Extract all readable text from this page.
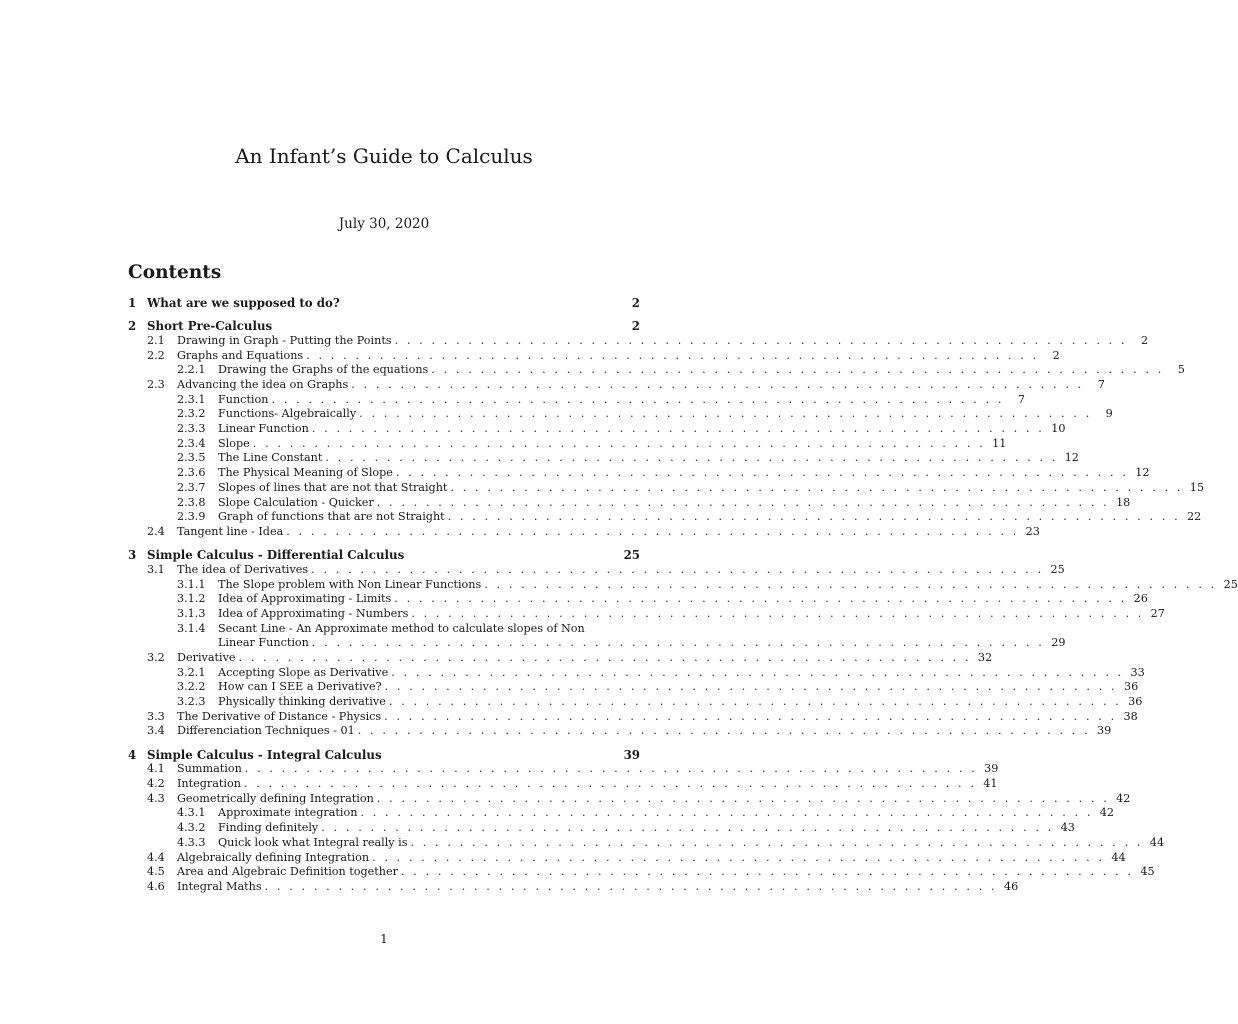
An Infant’s Guide to Calculus
July 30, 2020
Contents
1 What are we supposed to do?	2
2 Short Pre-Calculus	2
2.1	Drawing in Graph - Putting the Points . . . . . . . . . . . . . . . . . . . . . . . . . . . . . . . . . . . . . . . . . . . . . . . . . . . . . . . . . . . .	2
2.2	Graphs and Equations . . . . . . . . . . . . . . . . . . . . . . . . . . . . . . . . . . . . . . . . . . . . . . . . . . . . . . . . . . . .	2
2.2.1	Drawing the Graphs of the equations . . . . . . . . . . . . . . . . . . . . . . . . . . . . . . . . . . . . . . . . . . . . . . . . . . . . . . . . . . . .	5
2.3	Advancing the idea on Graphs . . . . . . . . . . . . . . . . . . . . . . . . . . . . . . . . . . . . . . . . . . . . . . . . . . . . . . . . . . . .	7
2.3.1	Function . . . . . . . . . . . . . . . . . . . . . . . . . . . . . . . . . . . . . . . . . . . . . . . . . . . . . . . . . . . .	7
2.3.2	Functions- Algebraically . . . . . . . . . . . . . . . . . . . . . . . . . . . . . . . . . . . . . . . . . . . . . . . . . . . . . . . . . . . .	9
2.3.3	Linear Function . . . . . . . . . . . . . . . . . . . . . . . . . . . . . . . . . . . . . . . . . . . . . . . . . . . . . . . . . . . . 10
2.3.4	Slope . . . . . . . . . . . . . . . . . . . . . . . . . . . . . . . . . . . . . . . . . . . . . . . . . . . . . . . . . . . . 11
2.3.5	The Line Constant . . . . . . . . . . . . . . . . . . . . . . . . . . . . . . . . . . . . . . . . . . . . . . . . . . . . . . . . . . . . 12
2.3.6	The Physical Meaning of Slope . . . . . . . . . . . . . . . . . . . . . . . . . . . . . . . . . . . . . . . . . . . . . . . . . . . . . . . . . . . . 12
2.3.7	Slopes of lines that are not that Straight . . . . . . . . . . . . . . . . . . . . . . . . . . . . . . . . . . . . . . . . . . . . . . . . . . . . . . . . . . . . 15
2.3.8	Slope Calculation - Quicker . . . . . . . . . . . . . . . . . . . . . . . . . . . . . . . . . . . . . . . . . . . . . . . . . . . . . . . . . . . . 18
2.3.9	Graph of functions that are not Straight . . . . . . . . . . . . . . . . . . . . . . . . . . . . . . . . . . . . . . . . . . . . . . . . . . . . . . . . . . . . 22
2.4	Tangent line - Idea . . . . . . . . . . . . . . . . . . . . . . . . . . . . . . . . . . . . . . . . . . . . . . . . . . . . . . . . . . . . 23
3 Simple Calculus - Differential Calculus	25
3.1	The idea of Derivatives . . . . . . . . . . . . . . . . . . . . . . . . . . . . . . . . . . . . . . . . . . . . . . . . . . . . . . . . . . . . 25
3.1.1	The Slope problem with Non Linear Functions . . . . . . . . . . . . . . . . . . . . . . . . . . . . . . . . . . . . . . . . . . . . . . . . . . . . . . . . . . . . 25
3.1.2	Idea of Approximating - Limits . . . . . . . . . . . . . . . . . . . . . . . . . . . . . . . . . . . . . . . . . . . . . . . . . . . . . . . . . . . . 26
3.1.3	Idea of Approximating - Numbers . . . . . . . . . . . . . . . . . . . . . . . . . . . . . . . . . . . . . . . . . . . . . . . . . . . . . . . . . . . . 27
3.1.4	Secant Line - An Approximate method to calculate slopes of Non
Linear Function . . . . . . . . . . . . . . . . . . . . . . . . . . . . . . . . . . . . . . . . . . . . . . . . . . . . . . . . . . . . 29
3.2	Derivative . . . . . . . . . . . . . . . . . . . . . . . . . . . . . . . . . . . . . . . . . . . . . . . . . . . . . . . . . . . . 32
3.2.1	Accepting Slope as Derivative . . . . . . . . . . . . . . . . . . . . . . . . . . . . . . . . . . . . . . . . . . . . . . . . . . . . . . . . . . . . 33
3.2.2	How can I SEE a Derivative? . . . . . . . . . . . . . . . . . . . . . . . . . . . . . . . . . . . . . . . . . . . . . . . . . . . . . . . . . . . . 36
3.2.3	Physically thinking derivative . . . . . . . . . . . . . . . . . . . . . . . . . . . . . . . . . . . . . . . . . . . . . . . . . . . . . . . . . . . . 36
3.3	The Derivative of Distance - Physics . . . . . . . . . . . . . . . . . . . . . . . . . . . . . . . . . . . . . . . . . . . . . . . . . . . . . . . . . . . . 38
3.4	Differenciation Techniques - 01 . . . . . . . . . . . . . . . . . . . . . . . . . . . . . . . . . . . . . . . . . . . . . . . . . . . . . . . . . . . . 39
4 Simple Calculus - Integral Calculus	39
4.1	Summation . . . . . . . . . . . . . . . . . . . . . . . . . . . . . . . . . . . . . . . . . . . . . . . . . . . . . . . . . . . . 39
4.2	Integration . . . . . . . . . . . . . . . . . . . . . . . . . . . . . . . . . . . . . . . . . . . . . . . . . . . . . . . . . . . . 41
4.3	Geometrically defining Integration . . . . . . . . . . . . . . . . . . . . . . . . . . . . . . . . . . . . . . . . . . . . . . . . . . . . . . . . . . . . 42
4.3.1	Approximate integration . . . . . . . . . . . . . . . . . . . . . . . . . . . . . . . . . . . . . . . . . . . . . . . . . . . . . . . . . . . . 42
4.3.2	Finding definitely . . . . . . . . . . . . . . . . . . . . . . . . . . . . . . . . . . . . . . . . . . . . . . . . . . . . . . . . . . . . 43
4.3.3	Quick look what Integral really is . . . . . . . . . . . . . . . . . . . . . . . . . . . . . . . . . . . . . . . . . . . . . . . . . . . . . . . . . . . . 44
4.4	Algebraically defining Integration . . . . . . . . . . . . . . . . . . . . . . . . . . . . . . . . . . . . . . . . . . . . . . . . . . . . . . . . . . . . 44
4.5	Area and Algebraic Definition together . . . . . . . . . . . . . . . . . . . . . . . . . . . . . . . . . . . . . . . . . . . . . . . . . . . . . . . . . . . . 45
4.6	Integral Maths . . . . . . . . . . . . . . . . . . . . . . . . . . . . . . . . . . . . . . . . . . . . . . . . . . . . . . . . . . . . 46
1
